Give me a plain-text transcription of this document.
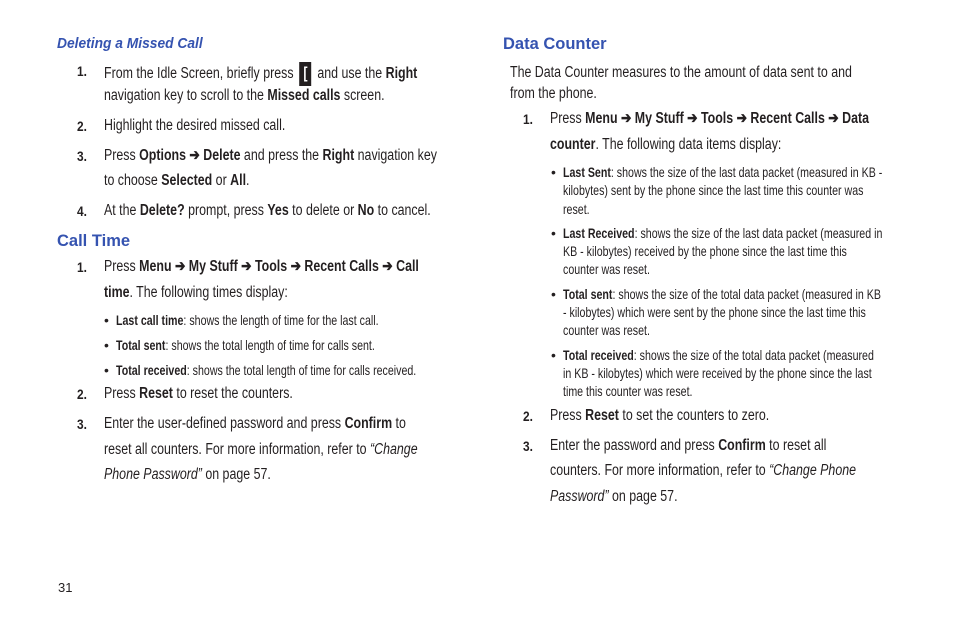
Deleting a Missed Call
1. From the Idle Screen, briefly press [ and use the Right
navigation key to scroll to the Missed calls screen.
2. Highlight the desired missed call.
3. Press Options ➔ Delete and press the Right navigation key
to choose Selected or All.
4. At the Delete? prompt, press Yes to delete or No to cancel.
Call Time
1. Press Menu ➔ My Stuff ➔ Tools ➔ Recent Calls ➔ Call
time. The following times display:
• Last call time: shows the length of time for the last call.
• Total sent: shows the total length of time for calls sent.
• Total received: shows the total length of time for calls received.
2. Press Reset to reset the counters.
3. Enter the user-defined password and press Confirm to
reset all counters. For more information, refer to “Change
Phone Password” on page 57.
Data Counter
The Data Counter measures to the amount of data sent to and
from the phone.
1. Press Menu ➔ My Stuff ➔ Tools ➔ Recent Calls ➔ Data
counter. The following data items display:
• Last Sent: shows the size of the last data packet (measured in KB -
kilobytes) sent by the phone since the last time this counter was
reset.
• Last Received: shows the size of the last data packet (measured in
KB - kilobytes) received by the phone since the last time this
counter was reset.
• Total sent: shows the size of the total data packet (measured in KB
- kilobytes) which were sent by the phone since the last time this
counter was reset.
• Total received: shows the size of the total data packet (measured
in KB - kilobytes) which were received by the phone since the last
time this counter was reset.
2. Press Reset to set the counters to zero.
3. Enter the password and press Confirm to reset all
counters. For more information, refer to “Change Phone
Password” on page 57.
31
